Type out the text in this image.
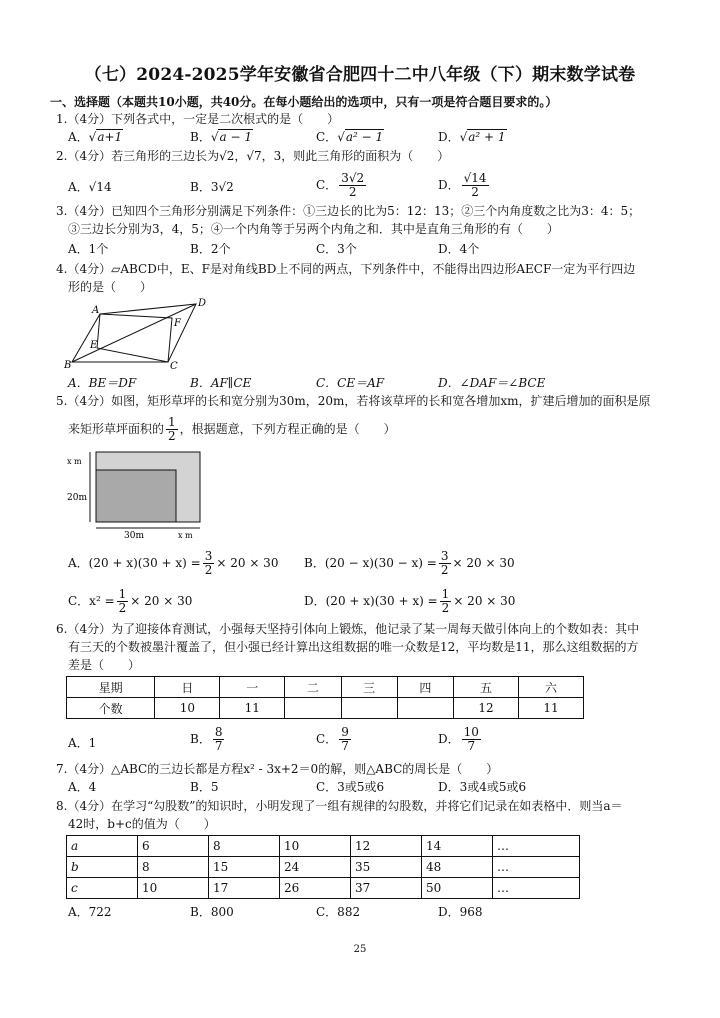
（七）2024-2025学年安徽省合肥四十二中八年级（下）期末数学试卷
一、选择题（本题共10小题，共40分。在每小题给出的选项中，只有一项是符合题目要求的。）
1.（4分）下列各式中，一定是二次根式的是（　　）
A．√a+1	B．√a − 1	C．√a² − 1	D．√a² + 1
2.（4分）若三角形的三边长为√2，√7，3，则此三角形的面积为（　　）
A．√14	B．3√2	C． $\frac{3√2}{2}$	D． $\frac{√14}{2}$
3.（4分）已知四个三角形分别满足下列条件：①三边长的比为5：12：13；②三个内角度数之比为3：4：5；
③三边长分别为3，4，5；④一个内角等于另两个内角之和．其中是直角三角形的有（　　）
A．1个	B．2个	C．3个	D．4个
4.（4分）▱ABCD中，E、F是对角线BD上不同的两点，下列条件中，不能得出四边形AECF一定为平行四边
形的是（　　）
A
B	C
D
E
F
A．BE＝DF	B．AF∥CE	C．CE＝AF	D．∠DAF＝∠BCE
5.（4分）如图，矩形草坪的长和宽分别为30m，20m，若将该草坪的长和宽各增加xm，扩建后增加的面积是原
来矩形草坪面积的 $\frac{1}{2}$ ，根据题意，下列方程正确的是（　　）
x m
20m
30m	x m
A．$(20 + x)(30 + x) = \frac{3}{2} \times 20 \times 30$ B．$(20 - x)(30 - x) = \frac{3}{2} \times 20 \times 30$
C．$x^2 = \frac{1}{2} \times 20 \times 30$	D．$(20 + x)(30 + x) = \frac{1}{2} \times 20 \times 30$
6.（4分）为了迎接体育测试，小强每天坚持引体向上锻炼，他记录了某一周每天做引体向上的个数如表：其中
有三天的个数被墨汁覆盖了，但小强已经计算出这组数据的唯一众数是12，平均数是11，那么这组数据的方
差是（　　）
星期	日	一	二	三	四	五	六
个数	10	11				12	11
A．1	B． $\frac{8}{7}$	C． $\frac{9}{7}$	D． $\frac{10}{7}$
7.（4分）△ABC的三边长都是方程x² - 3x+2＝0的解，则△ABC的周长是（　　）
A．4	B．5	C．3或5或6	D．3或4或5或6
8.（4分）在学习“勾股数”的知识时，小明发现了一组有规律的勾股数，并将它们记录在如表格中．则当a＝
42时，b+c的值为（　　）
a	6	8	10	12	14	…
b	8	15	24	35	48	…
c	10	17	26	37	50	…
A．722	B．800	C．882	D．968
25
